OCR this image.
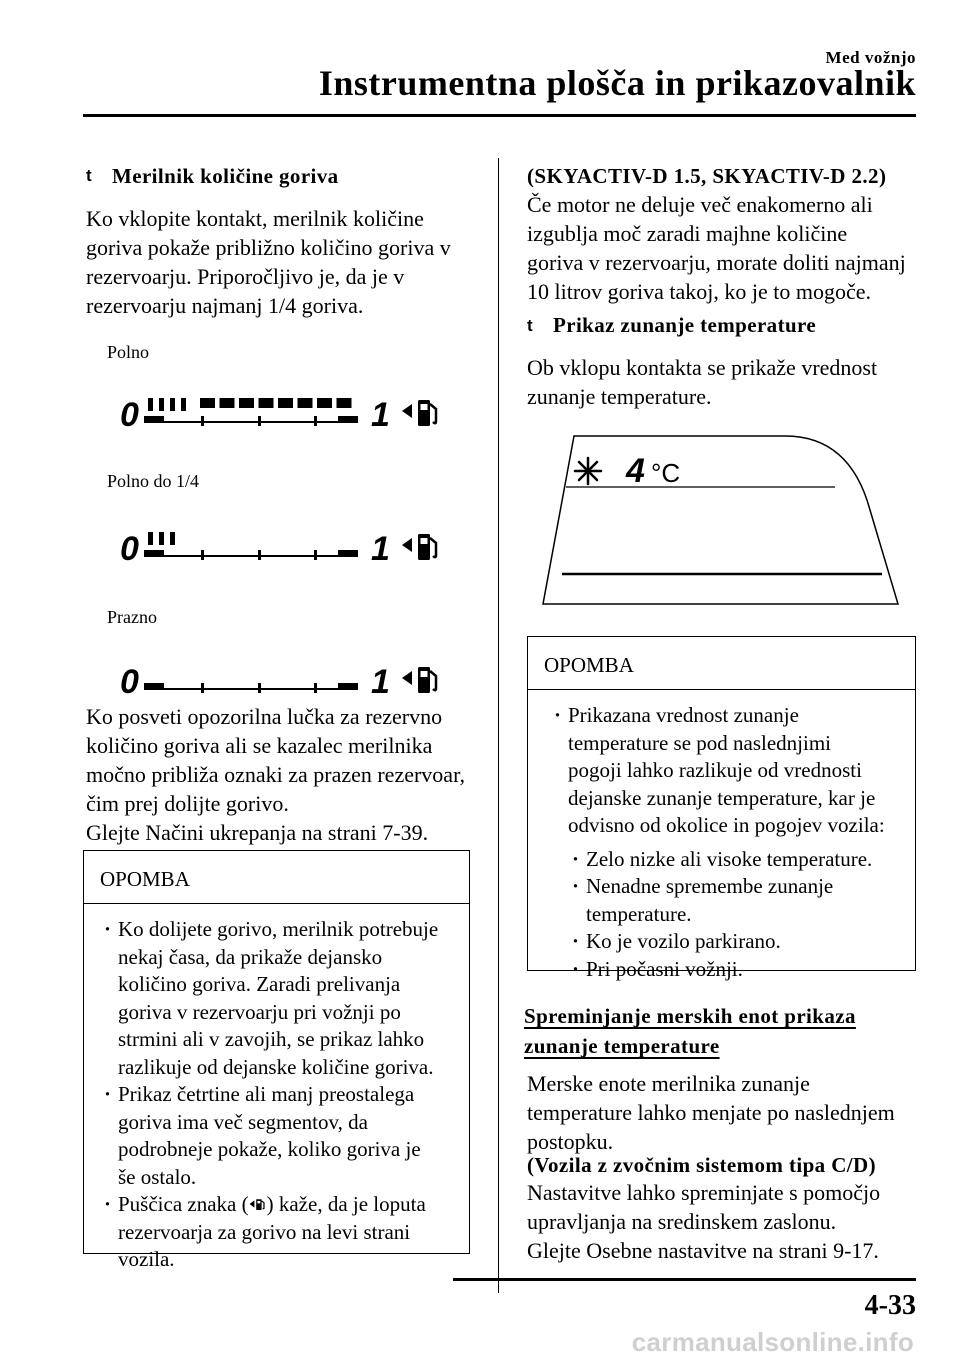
Med vožnjo
Instrumentna plošča in prikazovalnik
t Merilnik količine goriva
Ko vklopite kontakt, merilnik količine
goriva pokaže približno količino goriva v
rezervoarju. Priporočljivo je, da je v
rezervoarju najmanj 1/4 goriva.
Polno
0	1
Polno do 1/4
0	1
Prazno
0	1
Ko posveti opozorilna lučka za rezervno
količino goriva ali se kazalec merilnika
močno približa oznaki za prazen rezervoar,
čim prej dolijte gorivo.
Glejte Načini ukrepanja na strani 7-39.
OPOMBA
· Ko dolijete gorivo, merilnik potrebuje
nekaj časa, da prikaže dejansko
količino goriva. Zaradi prelivanja
goriva v rezervoarju pri vožnji po
strmini ali v zavojih, se prikaz lahko
razlikuje od dejanske količine goriva.
· Prikaz četrtine ali manj preostalega
goriva ima več segmentov, da
podrobneje pokaže, koliko goriva je
še ostalo.
· Puščica znaka ( ) kaže, da je loputa
rezervoarja za gorivo na levi strani
vozila.
(SKYACTIV-D 1.5, SKYACTIV-D 2.2)
Če motor ne deluje več enakomerno ali
izgublja moč zaradi majhne količine
goriva v rezervoarju, morate doliti najmanj
10 litrov goriva takoj, ko je to mogoče.
t Prikaz zunanje temperature
Ob vklopu kontakta se prikaže vrednost
zunanje temperature.
4 °C
OPOMBA
· Prikazana vrednost zunanje
temperature se pod naslednjimi
pogoji lahko razlikuje od vrednosti
dejanske zunanje temperature, kar je
odvisno od okolice in pogojev vozila:
· Zelo nizke ali visoke temperature.
· Nenadne spremembe zunanje
temperature.
· Ko je vozilo parkirano.
· Pri počasni vožnji.
Spreminjanje merskih enot prikaza
zunanje temperature
Merske enote merilnika zunanje
temperature lahko menjate po naslednjem
postopku.
(Vozila z zvočnim sistemom tipa C/D)
Nastavitve lahko spreminjate s pomočjo
upravljanja na sredinskem zaslonu.
Glejte Osebne nastavitve na strani 9-17.
4-33
carmanualsonline.info
